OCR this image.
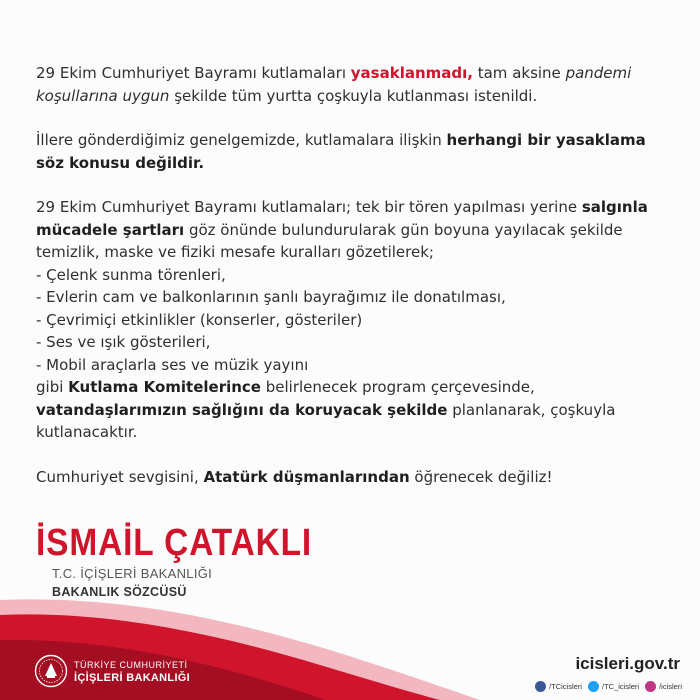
29 Ekim Cumhuriyet Bayramı kutlamaları yasaklanmadı, tam aksine pandemi koşullarına uygun şekilde tüm yurtta çoşkuyla kutlanması istenildi.

İllere gönderdiğimiz genelgemizde, kutlamalara ilişkin herhangi bir yasaklama söz konusu değildir.

29 Ekim Cumhuriyet Bayramı kutlamaları; tek bir tören yapılması yerine salgınla mücadele şartları göz önünde bulundurularak gün boyuna yayılacak şekilde temizlik, maske ve fiziki mesafe kuralları gözetilerek;
- Çelenk sunma törenleri,
- Evlerin cam ve balkonlarının şanlı bayrağımız ile donatılması,
- Çevrimiçi etkinlikler (konserler, gösteriler)
- Ses ve ışık gösterileri,
- Mobil araçlarla ses ve müzik yayını
gibi Kutlama Komitelerince belirlenecek program çerçevesinde, vatandaşlarımızın sağlığını da koruyacak şekilde planlanarak, çoşkuyla kutlanacaktır.

Cumhuriyet sevgisini, Atatürk düşmanlarından öğrenecek değiliz!

İSMAİL ÇATAKLI
T.C. İÇİŞLERİ BAKANLIĞI
BAKANLIK SÖZCÜSÜ
TÜRKİYE CUMHURİYETİ
İÇİŞLERİ BAKANLIĞI
icisleri.gov.tr
/TCicisleri	/TC_icisleri	/icisleri
